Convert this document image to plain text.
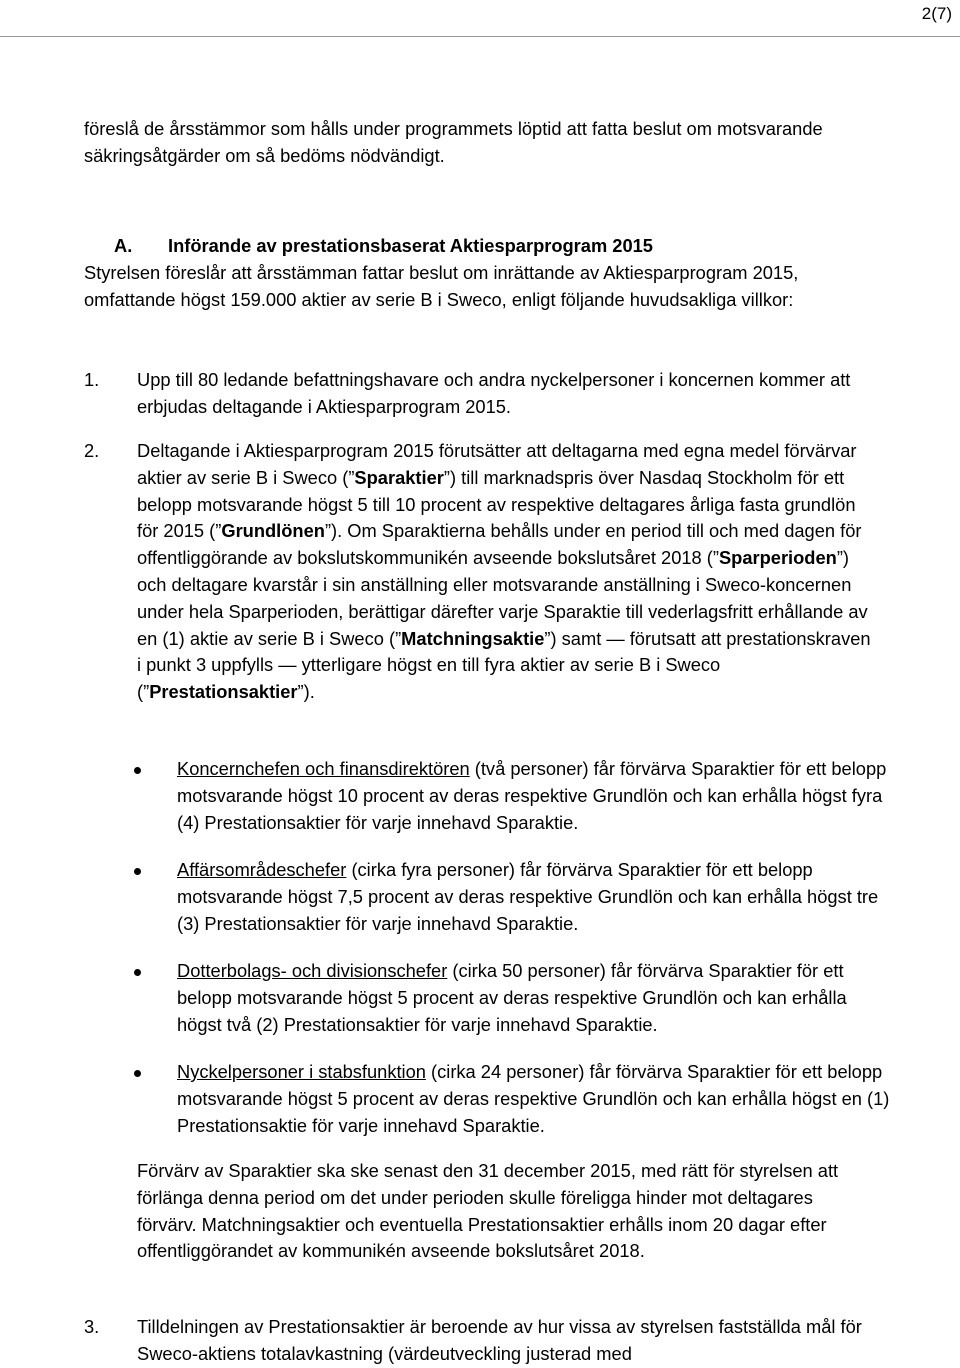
2(7)

föreslå de årsstämmor som hålls under programmets löptid att fatta beslut om motsvarande säkringsåtgärder om så bedöms nödvändigt.

A. Införande av prestationsbaserat Aktiesparprogram 2015

Styrelsen föreslår att årsstämman fattar beslut om inrättande av Aktiesparprogram 2015, omfattande högst 159.000 aktier av serie B i Sweco, enligt följande huvudsakliga villkor:

1. Upp till 80 ledande befattningshavare och andra nyckelpersoner i koncernen kommer att erbjudas deltagande i Aktiesparprogram 2015.

2. Deltagande i Aktiesparprogram 2015 förutsätter att deltagarna med egna medel förvärvar aktier av serie B i Sweco (”Sparaktier”) till marknadspris över Nasdaq Stockholm för ett belopp motsvarande högst 5 till 10 procent av respektive deltagares årliga fasta grundlön för 2015 (”Grundlönen”). Om Sparaktierna behålls under en period till och med dagen för offentliggörande av bokslutskommunikén avseende bokslutsåret 2018 (”Sparperioden”) och deltagare kvarstår i sin anställning eller motsvarande anställning i Sweco-koncernen under hela Sparperioden, berättigar därefter varje Sparaktie till vederlagsfritt erhållande av en (1) aktie av serie B i Sweco (”Matchningsaktie”) samt — förutsatt att prestationskraven i punkt 3 uppfylls — ytterligare högst en till fyra aktier av serie B i Sweco (”Prestationsaktier”).

Koncernchefen och finansdirektören (två personer) får förvärva Sparaktier för ett belopp motsvarande högst 10 procent av deras respektive Grundlön och kan erhålla högst fyra (4) Prestationsaktier för varje innehavd Sparaktie.

Affärsområdeschefer (cirka fyra personer) får förvärva Sparaktier för ett belopp motsvarande högst 7,5 procent av deras respektive Grundlön och kan erhålla högst tre (3) Prestationsaktier för varje innehavd Sparaktie.

Dotterbolags- och divisionschefer (cirka 50 personer) får förvärva Sparaktier för ett belopp motsvarande högst 5 procent av deras respektive Grundlön och kan erhålla högst två (2) Prestationsaktier för varje innehavd Sparaktie.

Nyckelpersoner i stabsfunktion (cirka 24 personer) får förvärva Sparaktier för ett belopp motsvarande högst 5 procent av deras respektive Grundlön och kan erhålla högst en (1) Prestationsaktie för varje innehavd Sparaktie.

Förvärv av Sparaktier ska ske senast den 31 december 2015, med rätt för styrelsen att förlänga denna period om det under perioden skulle föreligga hinder mot deltagares förvärv. Matchningsaktier och eventuella Prestationsaktier erhålls inom 20 dagar efter offentliggörandet av kommunikén avseende bokslutsåret 2018.

3. Tilldelningen av Prestationsaktier är beroende av hur vissa av styrelsen fastställda mål för Sweco-aktiens totalavkastning (värdeutveckling justerad med
